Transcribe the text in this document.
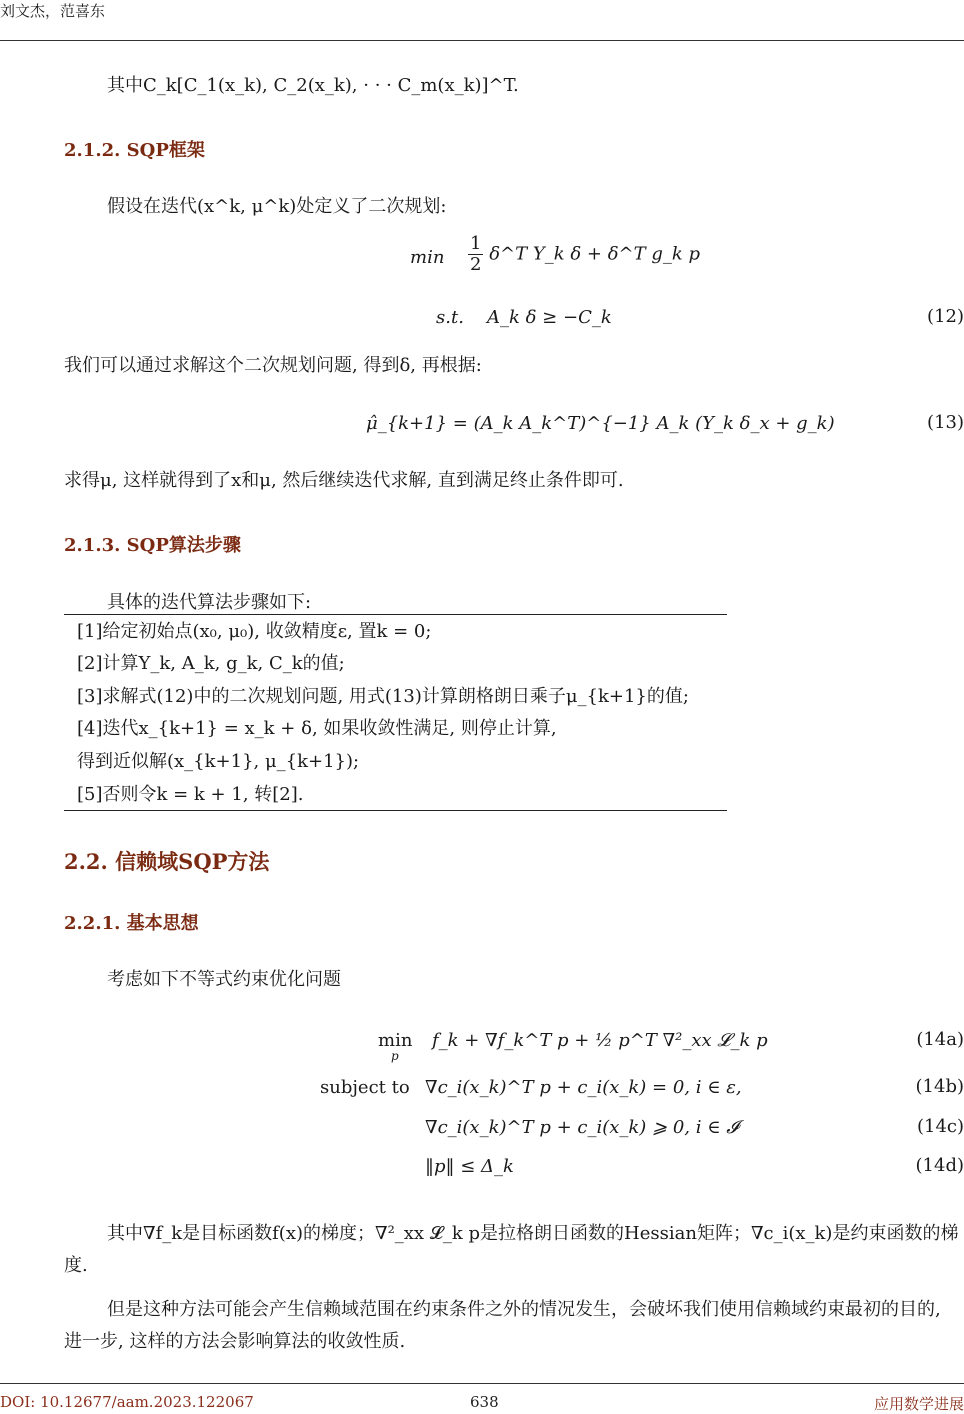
刘文杰，范喜东
其中C_k[C_1(x_k), C_2(x_k), · · · C_m(x_k)]^T.
2.1.2. SQP框架
假设在迭代(x^k, μ^k)处定义了二次规划:
$\min \frac{1}{2}$ δ^T Y_k δ + δ^T g_k p
s.t. A_k δ ≥ −C_k	(12)
我们可以通过求解这个二次规划问题, 得到δ, 再根据:
μ̂_{k+1} = (A_k A_k^T)^{−1} A_k (Y_k δ_x + g_k)	(13)
求得μ, 这样就得到了x和μ, 然后继续迭代求解, 直到满足终止条件即可.
2.1.3. SQP算法步骤
具体的迭代算法步骤如下:
[1]给定初始点(x₀, μ₀), 收敛精度ε, 置k = 0;
[2]计算Y_k, A_k, g_k, C_k的值;
[3]求解式(12)中的二次规划问题, 用式(13)计算朗格朗日乘子μ_{k+1}的值;
[4]迭代x_{k+1} = x_k + δ, 如果收敛性满足, 则停止计算,
得到近似解(x_{k+1}, μ_{k+1});
[5]否则令k = k + 1, 转[2].
2.2. 信赖域SQP方法
2.2.1. 基本思想
考虑如下不等式约束优化问题
min
p
f_k + ∇f_k^T p + ½ p^T ∇²_xx 𝓛_k p	(14a)
subject to ∇c_i(x_k)^T p + c_i(x_k) = 0, i ∈ ε,	(14b)
∇c_i(x_k)^T p + c_i(x_k) ⩾ 0, i ∈ 𝓘	(14c)
‖p‖ ≤ Δ_k	(14d)
其中∇f_k是目标函数f(x)的梯度；∇²_xx 𝓛_k p是拉格朗日函数的Hessian矩阵；∇c_i(x_k)是约束函数的梯度.
但是这种方法可能会产生信赖域范围在约束条件之外的情况发生，会破坏我们使用信赖域约束最初的目的, 进一步, 这样的方法会影响算法的收敛性质.
DOI: 10.12677/aam.2023.122067	638	应用数学进展
